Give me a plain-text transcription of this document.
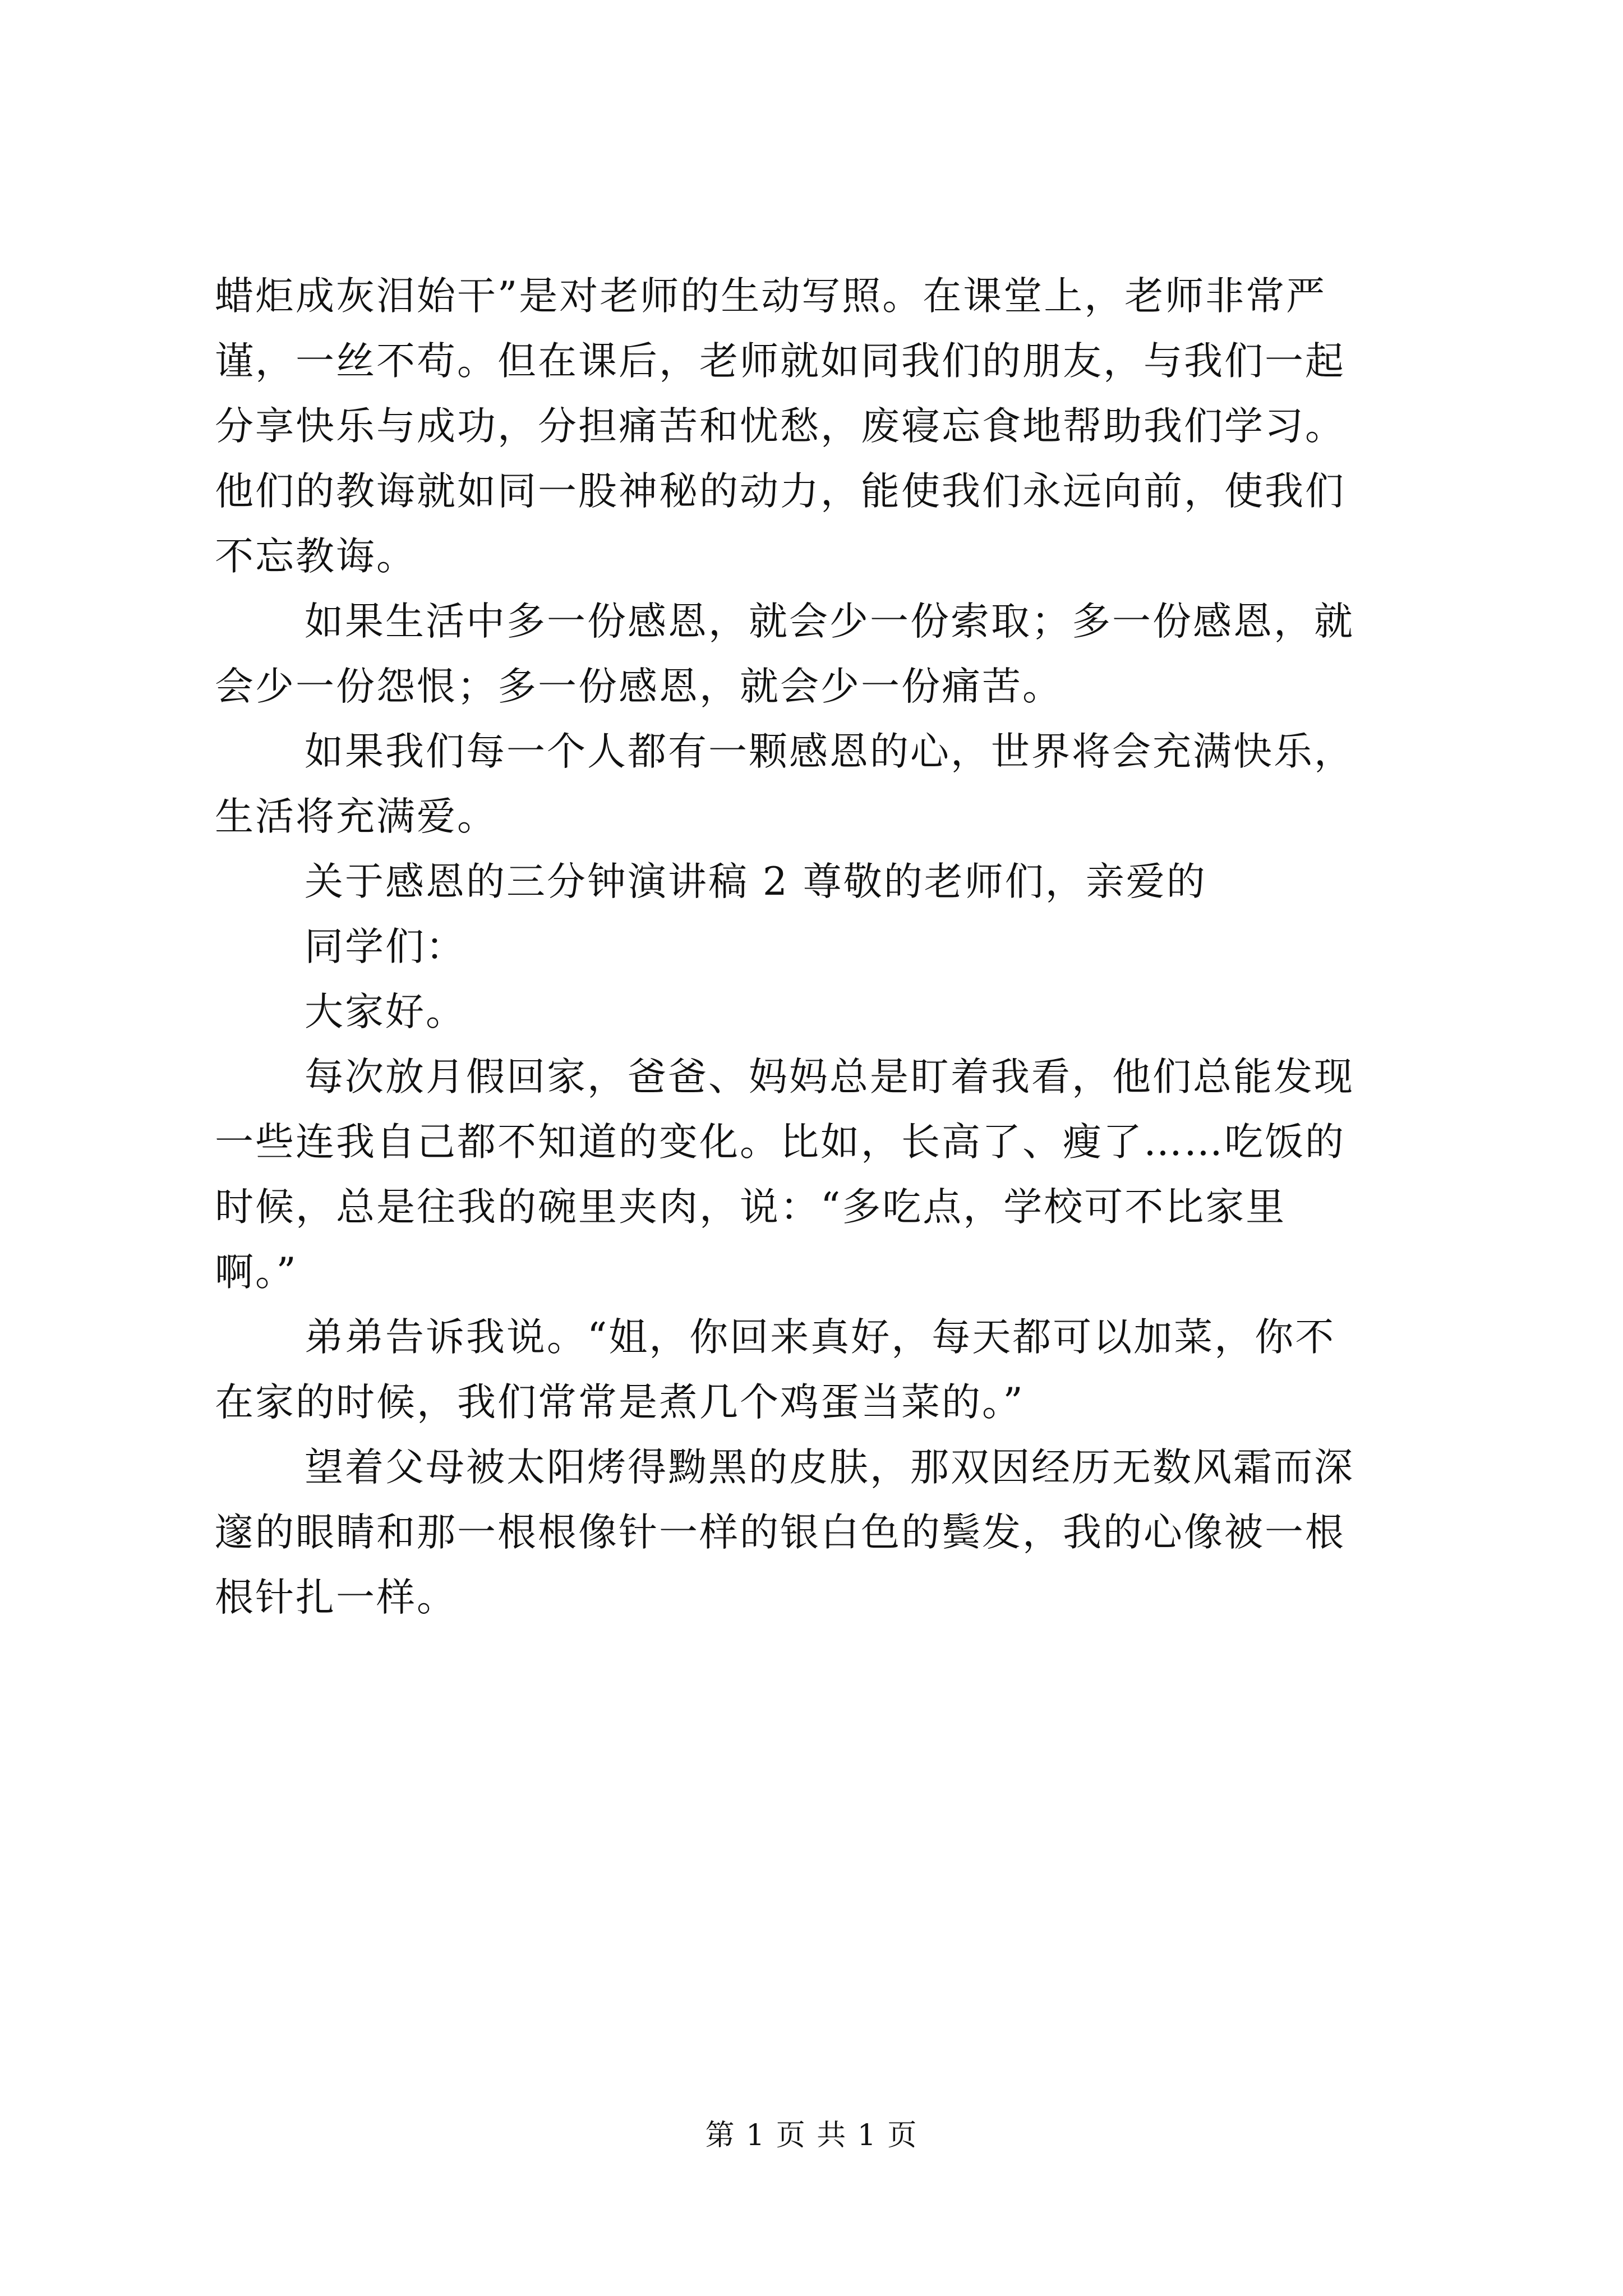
蜡炬成灰泪始干”是对老师的生动写照。在课堂上，老师非常严
谨，一丝不苟。但在课后，老师就如同我们的朋友，与我们一起
分享快乐与成功，分担痛苦和忧愁，废寝忘食地帮助我们学习。
他们的教诲就如同一股神秘的动力，能使我们永远向前，使我们
不忘教诲。
如果生活中多一份感恩，就会少一份索取；多一份感恩，就
会少一份怨恨；多一份感恩，就会少一份痛苦。
如果我们每一个人都有一颗感恩的心，世界将会充满快乐，
生活将充满爱。
关于感恩的三分钟演讲稿 2 尊敬的老师们，亲爱的
同学们：
大家好。
每次放月假回家，爸爸、妈妈总是盯着我看，他们总能发现
一些连我自己都不知道的变化。比如，长高了、瘦了……吃饭的
时候，总是往我的碗里夹肉，说：“多吃点，学校可不比家里
啊。”
弟弟告诉我说。“姐，你回来真好，每天都可以加菜，你不
在家的时候，我们常常是煮几个鸡蛋当菜的。”
望着父母被太阳烤得黝黑的皮肤，那双因经历无数风霜而深
邃的眼睛和那一根根像针一样的银白色的鬓发，我的心像被一根
根针扎一样。
第 1 页 共 1 页
